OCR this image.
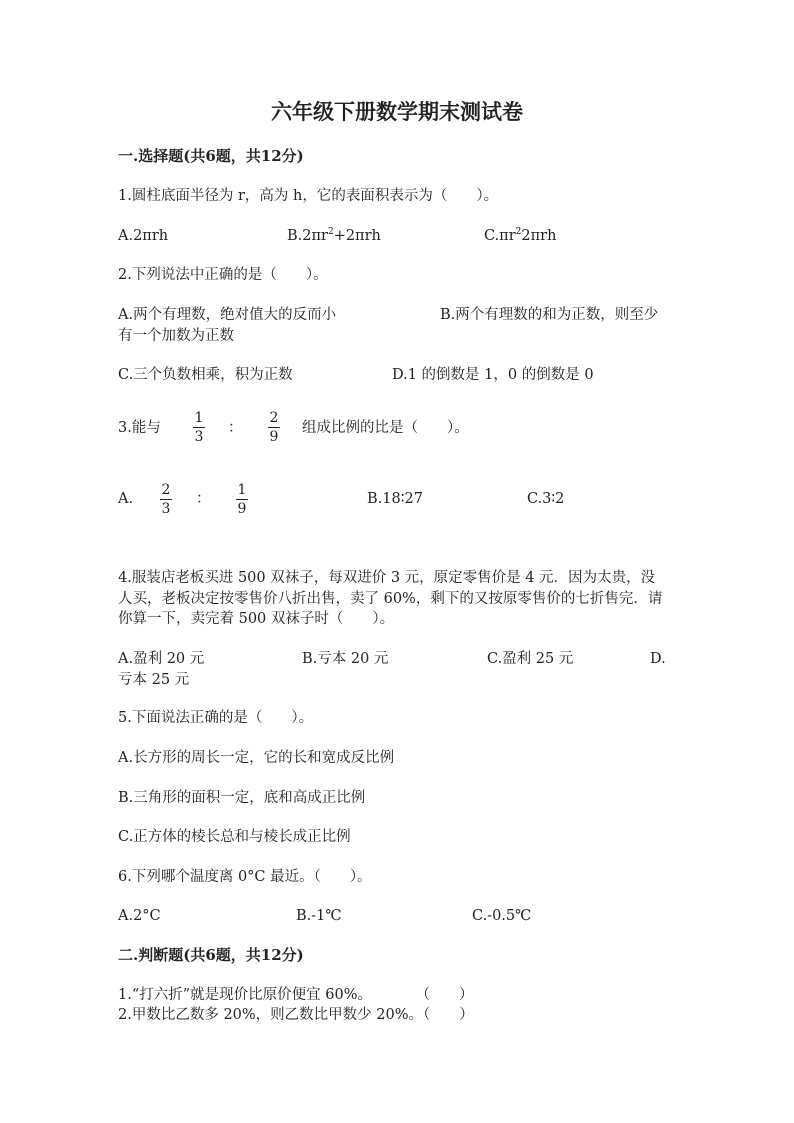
六年级下册数学期末测试卷
一.选择题(共6题，共12分)
1.圆柱底面半径为 r，高为 h，它的表面积表示为（　　）。
A.2πrh	$B.2\pi r^2+2\pi rh$	$C.\pi r^22\pi rh$
2.下列说法中正确的是（　　）。
A.两个有理数，绝对值大的反而小	B.两个有理数的和为正数，则至少有一个加数为正数
C.三个负数相乘，积为正数	D.1 的倒数是 1，0 的倒数是 0
3.能与
1
3
：
2
9
组成比例的比是（　　）。
A.
2
3
：
1
9
B.18∶27	C.3∶2
4.服装店老板买进 500 双袜子，每双进价 3 元，原定零售价是 4 元．因为太贵，没人买，老板决定按零售价八折出售，卖了 60%，剩下的又按原零售价的七折售完．请你算一下，卖完着 500 双袜子时（　　）。
A.盈利 20 元	B.亏本 20 元	C.盈利 25 元	D.亏本 25 元
5.下面说法正确的是（　　）。
A.长方形的周长一定，它的长和宽成反比例
B.三角形的面积一定，底和高成正比例
C.正方体的棱长总和与棱长成正比例
6.下列哪个温度离 0°C 最近。（　　）。
A.2°C	B.-1℃	C.-0.5℃
二.判断题(共6题，共12分)
1.“打六折”就是现价比原价便宜 60%。　　　　（　　）
2.甲数比乙数多 20%，则乙数比甲数少 20%。（　　）
